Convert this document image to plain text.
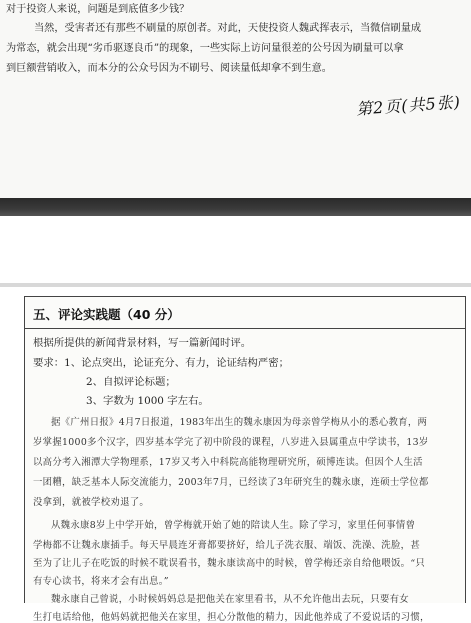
对于投资人来说，问题是到底值多少钱？
当然，受害者还有那些不刷量的原创者。对此，天使投资人魏武挥表示，当微信刷量成
为常态，就会出现“劣币驱逐良币”的现象，一些实际上访问量很差的公号因为刷量可以拿
到巨额营销收入，而本分的公众号因为不刷号、阅读量低却拿不到生意。
第2页(共5张)
五、评论实践题（40 分）
根据所提供的新闻背景材料，写一篇新闻时评。
要求：1、论点突出，论证充分、有力，论证结构严密；
2、自拟评论标题；
3、字数为 1000 字左右。
据《广州日报》4月7日报道，1983年出生的魏永康因为母亲曾学梅从小的悉心教育，两
岁掌握1000多个汉字，四岁基本学完了初中阶段的课程，八岁进入县属重点中学读书，13岁
以高分考入湘潭大学物理系，17岁又考入中科院高能物理研究所，硕博连读。但因个人生活
一团糟，缺乏基本人际交流能力，2003年7月，已经读了3年研究生的魏永康，连硕士学位都
没拿到，就被学校劝退了。
从魏永康8岁上中学开始，曾学梅就开始了她的陪读人生。除了学习，家里任何事情曾
学梅都不让魏永康插手。每天早晨连牙膏都要挤好，给儿子洗衣服、端饭、洗澡、洗脸，甚
至为了让儿子在吃饭的时候不耽误看书，魏永康读高中的时候，曾学梅还亲自给他喂饭。“只
有专心读书，将来才会有出息。”
魏永康自己曾说，小时候妈妈总是把他关在家里看书，从不允许他出去玩，只要有女
生打电话给他，他妈妈就把他关在家里，担心分散他的精力，因此他养成了不爱说话的习惯，
